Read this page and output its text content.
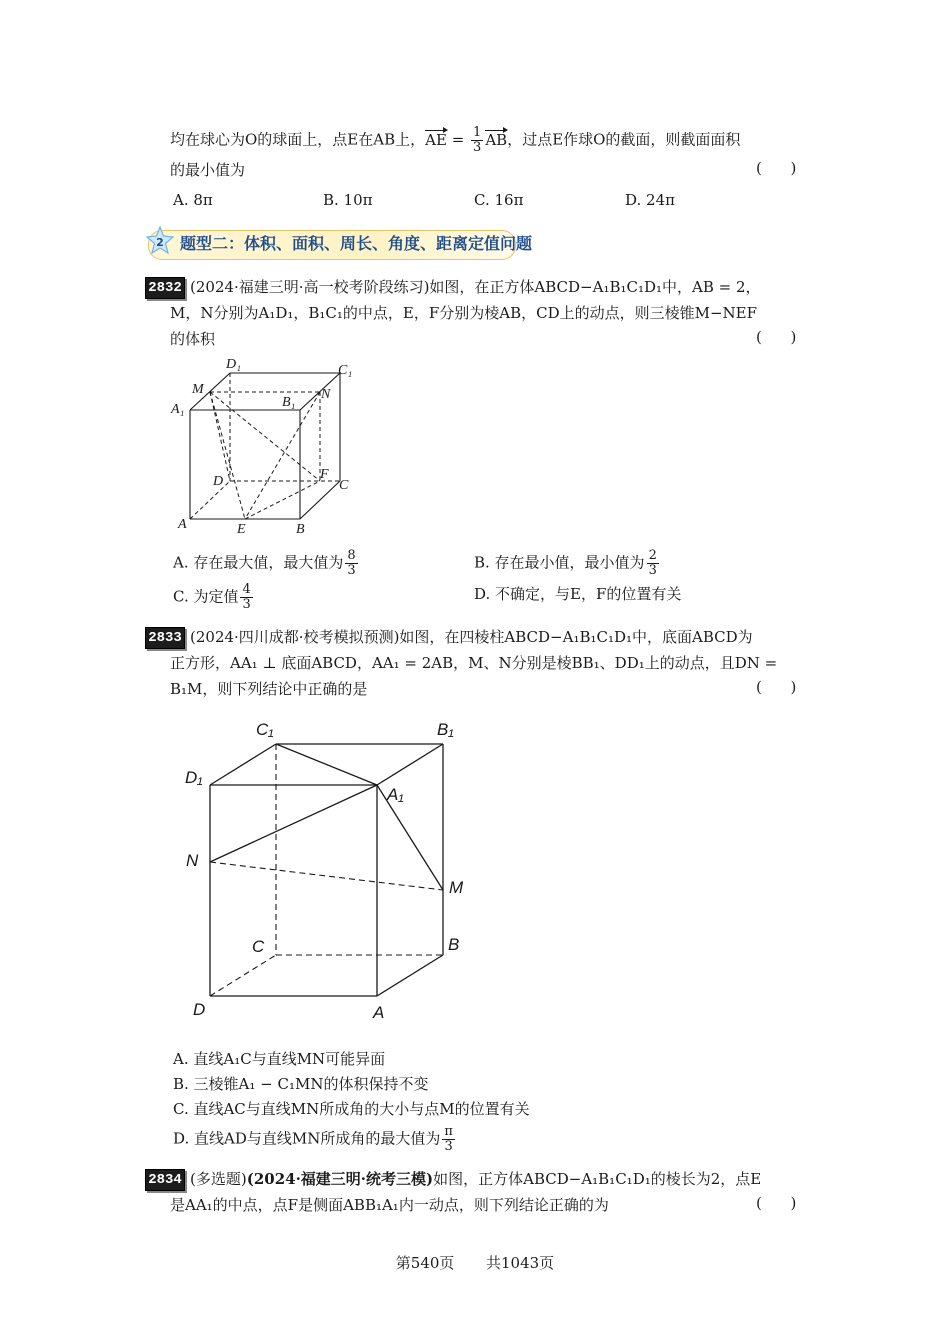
均在球心为O的球面上，点E在AB上，AE = $\frac{1}{3}$ AB，过点E作球O的截面，则截面面积
的最小值为	(      )
A. 8π	B. 10π	C. 16π	D. 24π
2 题型二：体积、面积、周长、角度、距离定值问题
2832 (2024·福建三明·高一校考阶段练习)如图，在正方体ABCD−A₁B₁C₁D₁中，AB = 2，
M，N分别为A₁D₁，B₁C₁的中点，E，F分别为棱AB，CD上的动点，则三棱锥M−NEF
的体积	(      )
D₁	C₁
M	N
A₁	B₁
D	F
C
A	E	B
A. 存在最大值，最大值为 $\frac{8}{3}$	B. 存在最小值，最小值为 $\frac{2}{3}$
C. 为定值 $\frac{4}{3}$	D. 不确定，与E，F的位置有关
2833 (2024·四川成都·校考模拟预测)如图，在四棱柱ABCD−A₁B₁C₁D₁中，底面ABCD为
正方形，AA₁ ⊥ 底面ABCD，AA₁ = 2AB，M、N分别是棱BB₁、DD₁上的动点，且DN =
B₁M，则下列结论中正确的是	(      )
C₁	B₁
D₁
A₁
N
M
C	B
D	A
A. 直线A₁C与直线MN可能异面
B. 三棱锥A₁ − C₁MN的体积保持不变
C. 直线AC与直线MN所成角的大小与点M的位置有关
D. 直线AD与直线MN所成角的最大值为 $\frac{\pi}{3}$
2834 (多选题)(2024·福建三明·统考三模)如图，正方体ABCD−A₁B₁C₁D₁的棱长为2，点E
是AA₁的中点，点F是侧面ABB₁A₁内一动点，则下列结论正确的为	(      )
第540页 共1043页
